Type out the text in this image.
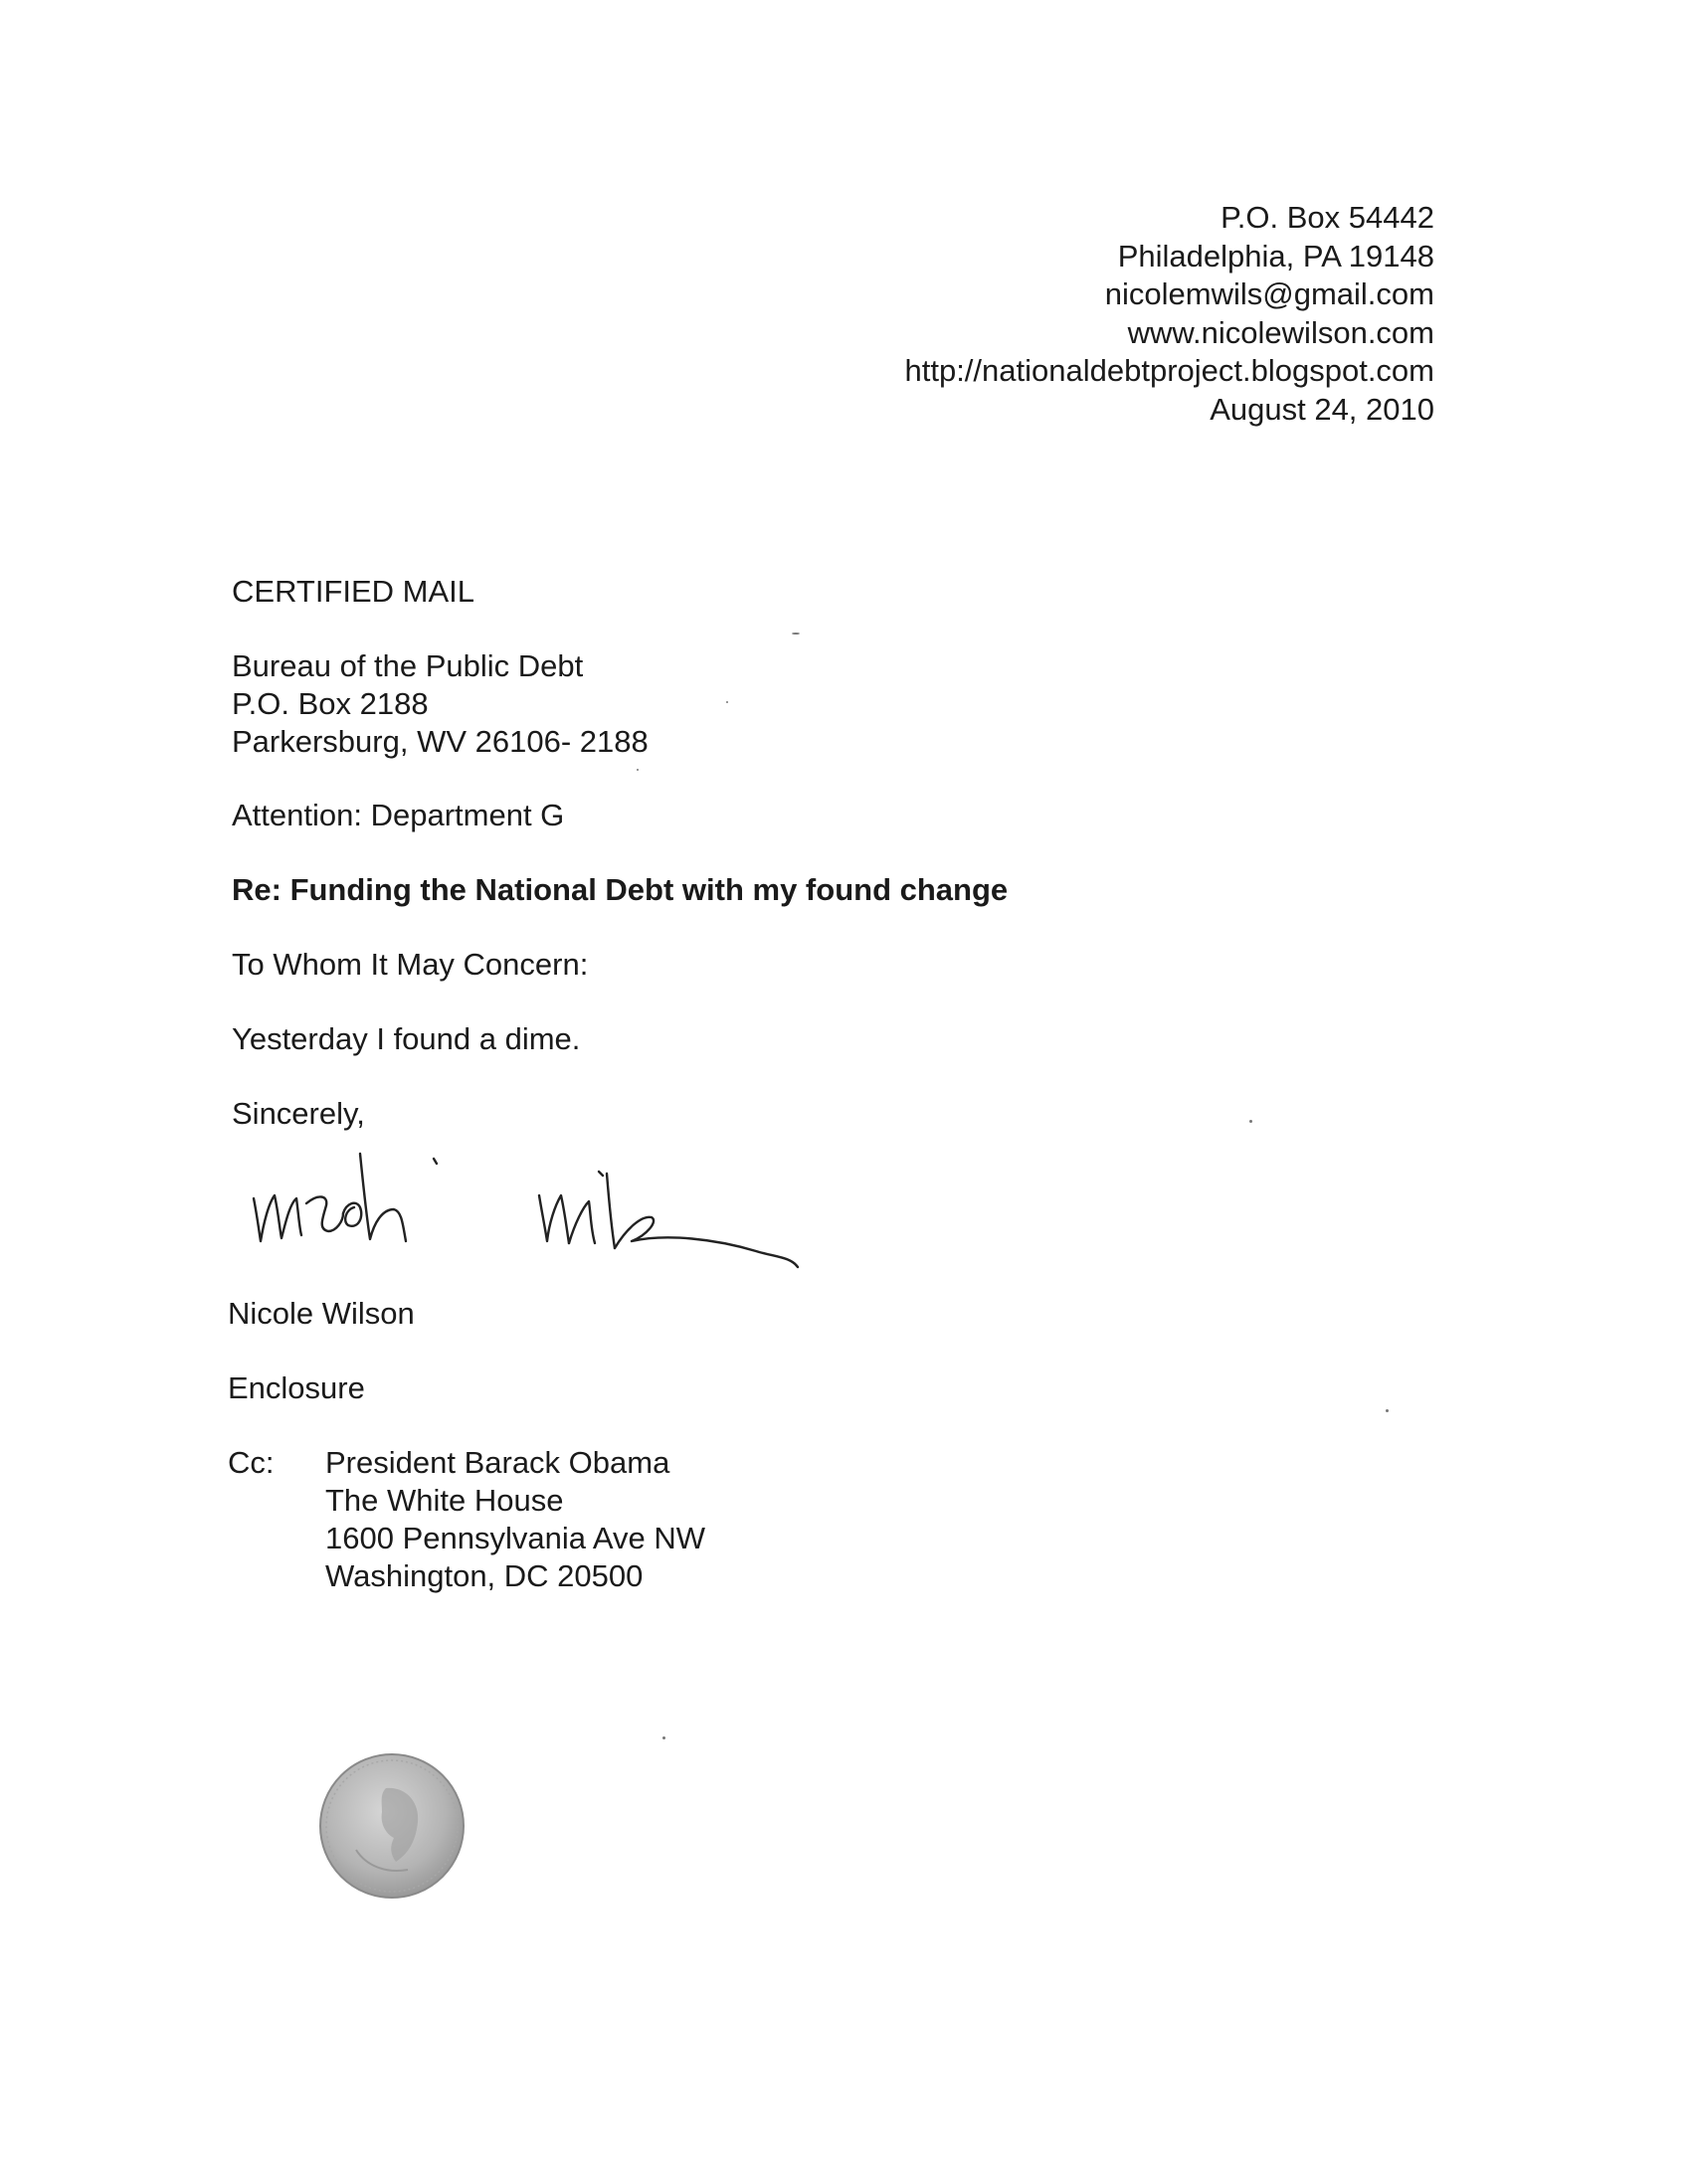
P.O. Box 54442
Philadelphia, PA 19148
nicolemwils@gmail.com
www.nicolewilson.com
http://nationaldebtproject.blogspot.com
August 24, 2010
CERTIFIED MAIL
Bureau of the Public Debt
P.O. Box 2188
Parkersburg, WV 26106- 2188
Attention: Department G
Re: Funding the National Debt with my found change
To Whom It May Concern:
Yesterday I found a dime.
Sincerely,
Nicole Wilson
Enclosure
Cc: President Barack Obama
The White House
1600 Pennsylvania Ave NW
Washington, DC 20500
